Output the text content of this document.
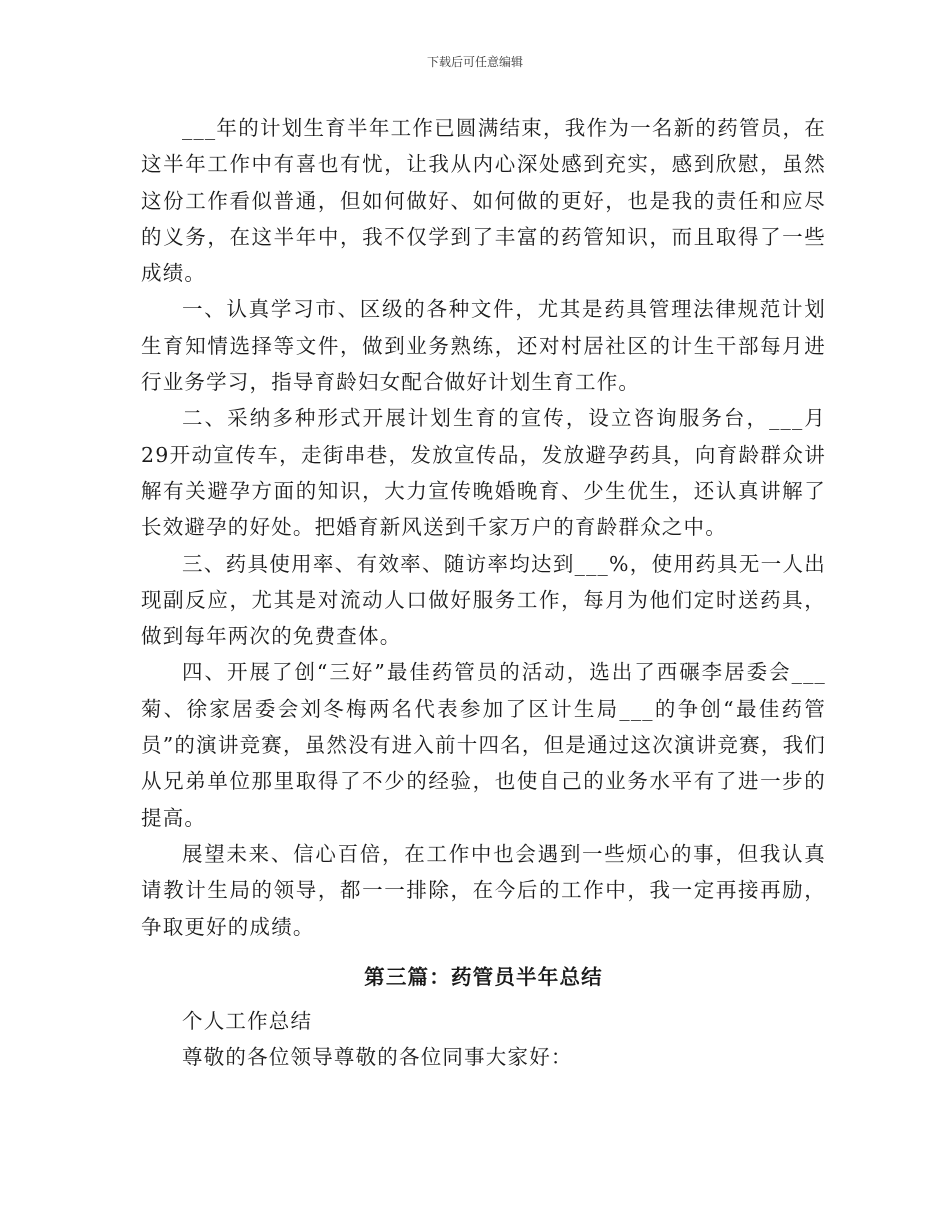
下载后可任意编辑

___年的计划生育半年工作已圆满结束，我作为一名新的药管员，在这半年工作中有喜也有忧，让我从内心深处感到充实，感到欣慰，虽然这份工作看似普通，但如何做好、如何做的更好，也是我的责任和应尽的义务，在这半年中，我不仅学到了丰富的药管知识，而且取得了一些成绩。

一、认真学习市、区级的各种文件，尤其是药具管理法律规范计划生育知情选择等文件，做到业务熟练，还对村居社区的计生干部每月进行业务学习，指导育龄妇女配合做好计划生育工作。

二、采纳多种形式开展计划生育的宣传，设立咨询服务台，___月29开动宣传车，走街串巷，发放宣传品，发放避孕药具，向育龄群众讲解有关避孕方面的知识，大力宣传晚婚晚育、少生优生，还认真讲解了长效避孕的好处。把婚育新风送到千家万户的育龄群众之中。

三、药具使用率、有效率、随访率均达到___%，使用药具无一人出现副反应，尤其是对流动人口做好服务工作，每月为他们定时送药具，做到每年两次的免费查体。

四、开展了创“三好”最佳药管员的活动，选出了西碾李居委会___菊、徐家居委会刘冬梅两名代表参加了区计生局___的争创“最佳药管员”的演讲竞赛，虽然没有进入前十四名，但是通过这次演讲竞赛，我们从兄弟单位那里取得了不少的经验，也使自己的业务水平有了进一步的提高。

展望未来、信心百倍，在工作中也会遇到一些烦心的事，但我认真请教计生局的领导，都一一排除，在今后的工作中，我一定再接再励，争取更好的成绩。

第三篇：药管员半年总结

个人工作总结

尊敬的各位领导尊敬的各位同事大家好：
